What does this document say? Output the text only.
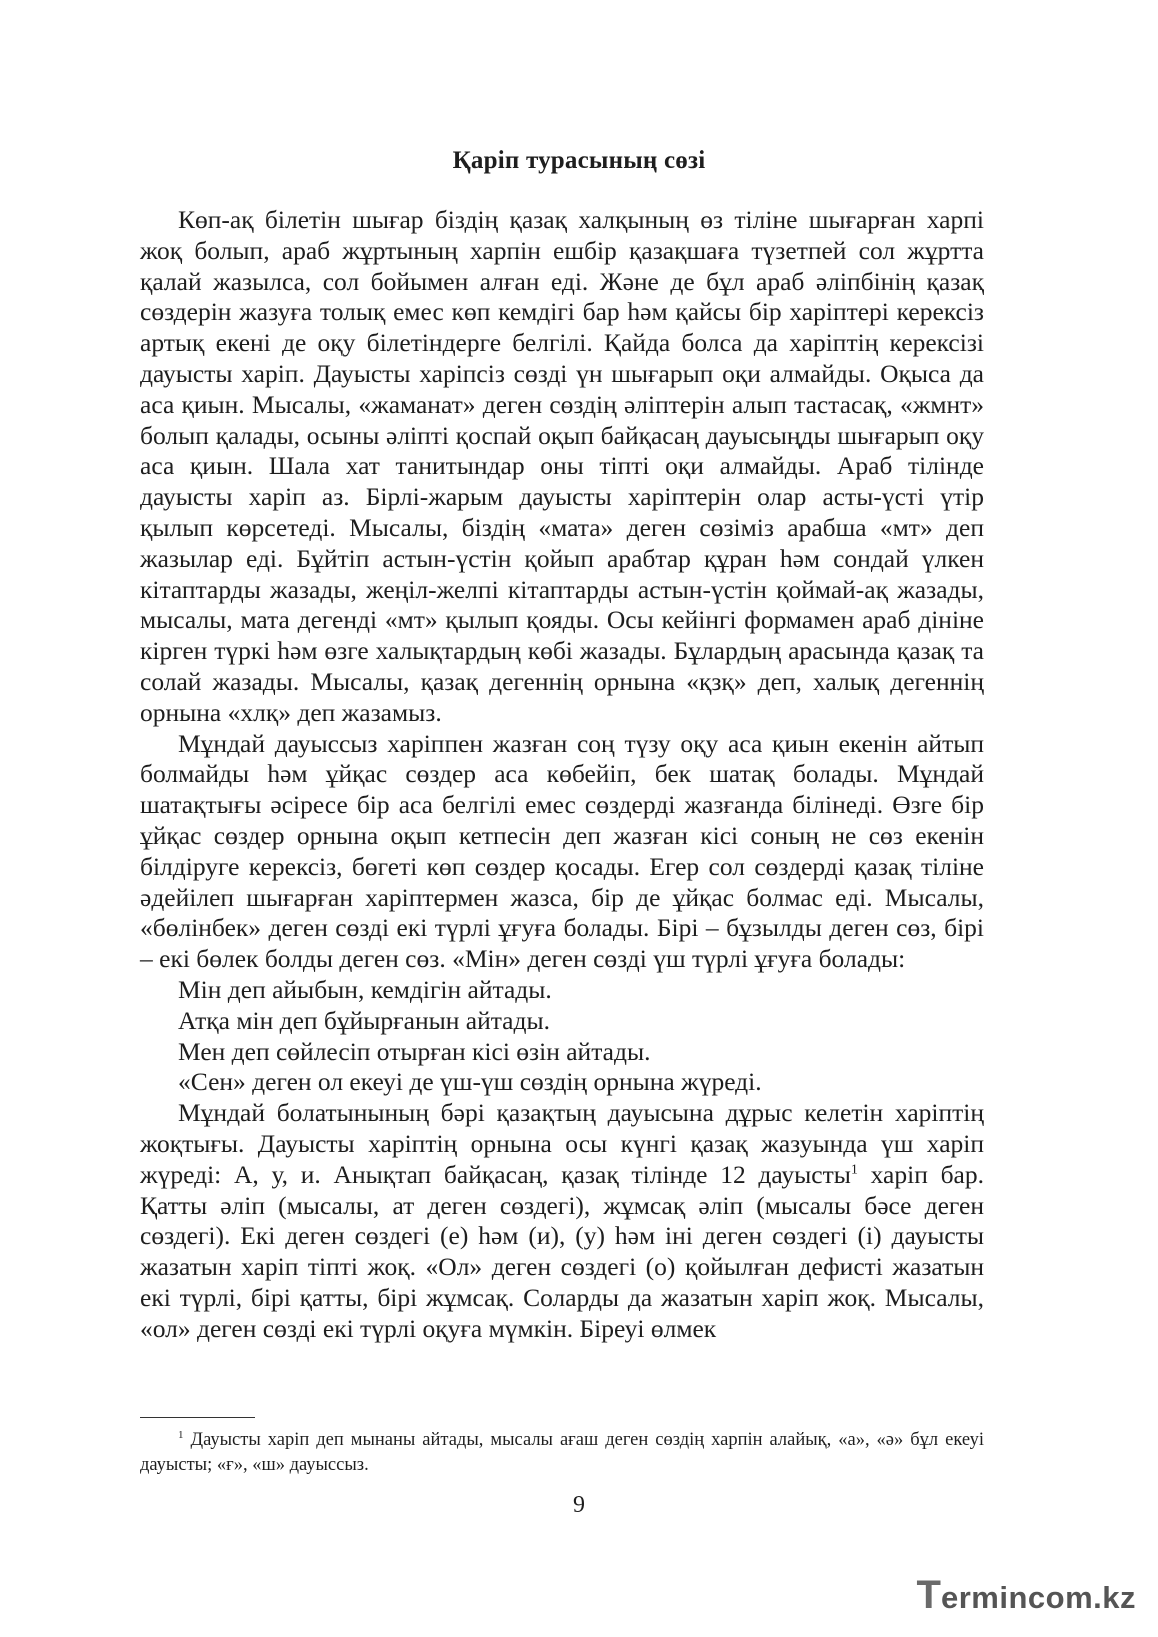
Қаріп турасының сөзі

Көп-ақ білетін шығар біздің қазақ халқының өз тіліне шығарған харпі жоқ болып, араб жұртының харпін ешбір қазақшаға түзетпей сол жұртта қалай жазылса, сол бойымен алған еді. Және де бұл араб әліпбінің қазақ сөздерін жазуға толық емес көп кемдігі бар һәм қайсы бір харіптері керексіз артық екені де оқу білетіндерге белгілі. Қайда болса да харіптің керексізі дауысты харіп. Дауысты харіпсіз сөзді үн шығарып оқи алмайды. Оқыса да аса қиын. Мысалы, «жаманат» деген сөздің әліптерін алып тастасақ, «жмнт» болып қалады, осыны әліпті қоспай оқып байқасаң дауысыңды шығарып оқу аса қиын. Шала хат танитындар оны тіпті оқи алмайды. Араб тілінде дауысты харіп аз. Бірлі-жарым дауысты харіптерін олар асты-үсті үтір қылып көрсетеді. Мысалы, біздің «мата» деген сөзіміз арабша «мт» деп жазылар еді. Бұйтіп астын-үстін қойып арабтар құран һәм сондай үлкен кітаптарды жазады, жеңіл-желпі кітаптарды астын-үстін қоймай-ақ жазады, мысалы, мата дегенді «мт» қылып қояды. Осы кейінгі формамен араб дініне кірген түркі һәм өзге халықтардың көбі жазады. Бұлардың арасында қазақ та солай жазады. Мысалы, қазақ дегеннің орнына «қзқ» деп, халық дегеннің орнына «хлқ» деп жазамыз.

Мұндай дауыссыз харіппен жазған соң түзу оқу аса қиын екенін айтып болмайды һәм ұйқас сөздер аса көбейіп, бек шатақ болады. Мұндай шатақтығы әсіресе бір аса белгілі емес сөздерді жазғанда білінеді. Өзге бір ұйқас сөздер орнына оқып кетпесін деп жазған кісі соның не сөз екенін білдіруге керексіз, бөгеті көп сөздер қосады. Егер сол сөздерді қазақ тіліне әдейілеп шығарған харіптермен жазса, бір де ұйқас болмас еді. Мысалы, «бөлінбек» деген сөзді екі түрлі ұғуға болады. Бірі – бұзылды деген сөз, бірі – екі бөлек болды деген сөз. «Мін» деген сөзді үш түрлі ұғуға болады:

Мін деп айыбын, кемдігін айтады.

Атқа мін деп бұйырғанын айтады.

Мен деп сөйлесіп отырған кісі өзін айтады.

«Сен» деген ол екеуі де үш-үш сөздің орнына жүреді.

Мұндай болатынының бәрі қазақтың дауысына дұрыс келетін харіптің жоқтығы. Дауысты харіптің орнына осы күнгі қазақ жазуында үш харіп жүреді: А, у, и. Анықтап байқасаң, қазақ тілінде 12 дауысты$^1$ харіп бар. Қатты әліп (мысалы, ат деген сөздегі), жұмсақ әліп (мысалы бәсе деген сөздегі). Екі деген сөздегі (е) һәм (и), (у) һәм іні деген сөздегі (і) дауысты жазатын харіп тіпті жоқ. «Ол» деген сөздегі (о) қойылған дефисті жазатын екі түрлі, бірі қатты, бірі жұмсақ. Соларды да жазатын харіп жоқ. Мысалы, «ол» деген сөзді екі түрлі оқуға мүмкін. Біреуі өлмек

$^1$ Дауысты харіп деп мынаны айтады, мысалы ағаш деген сөздің харпін алайық, «а», «ә» бұл екеуі дауысты; «ғ», «ш» дауыссыз.

9
T ermincom.kz
